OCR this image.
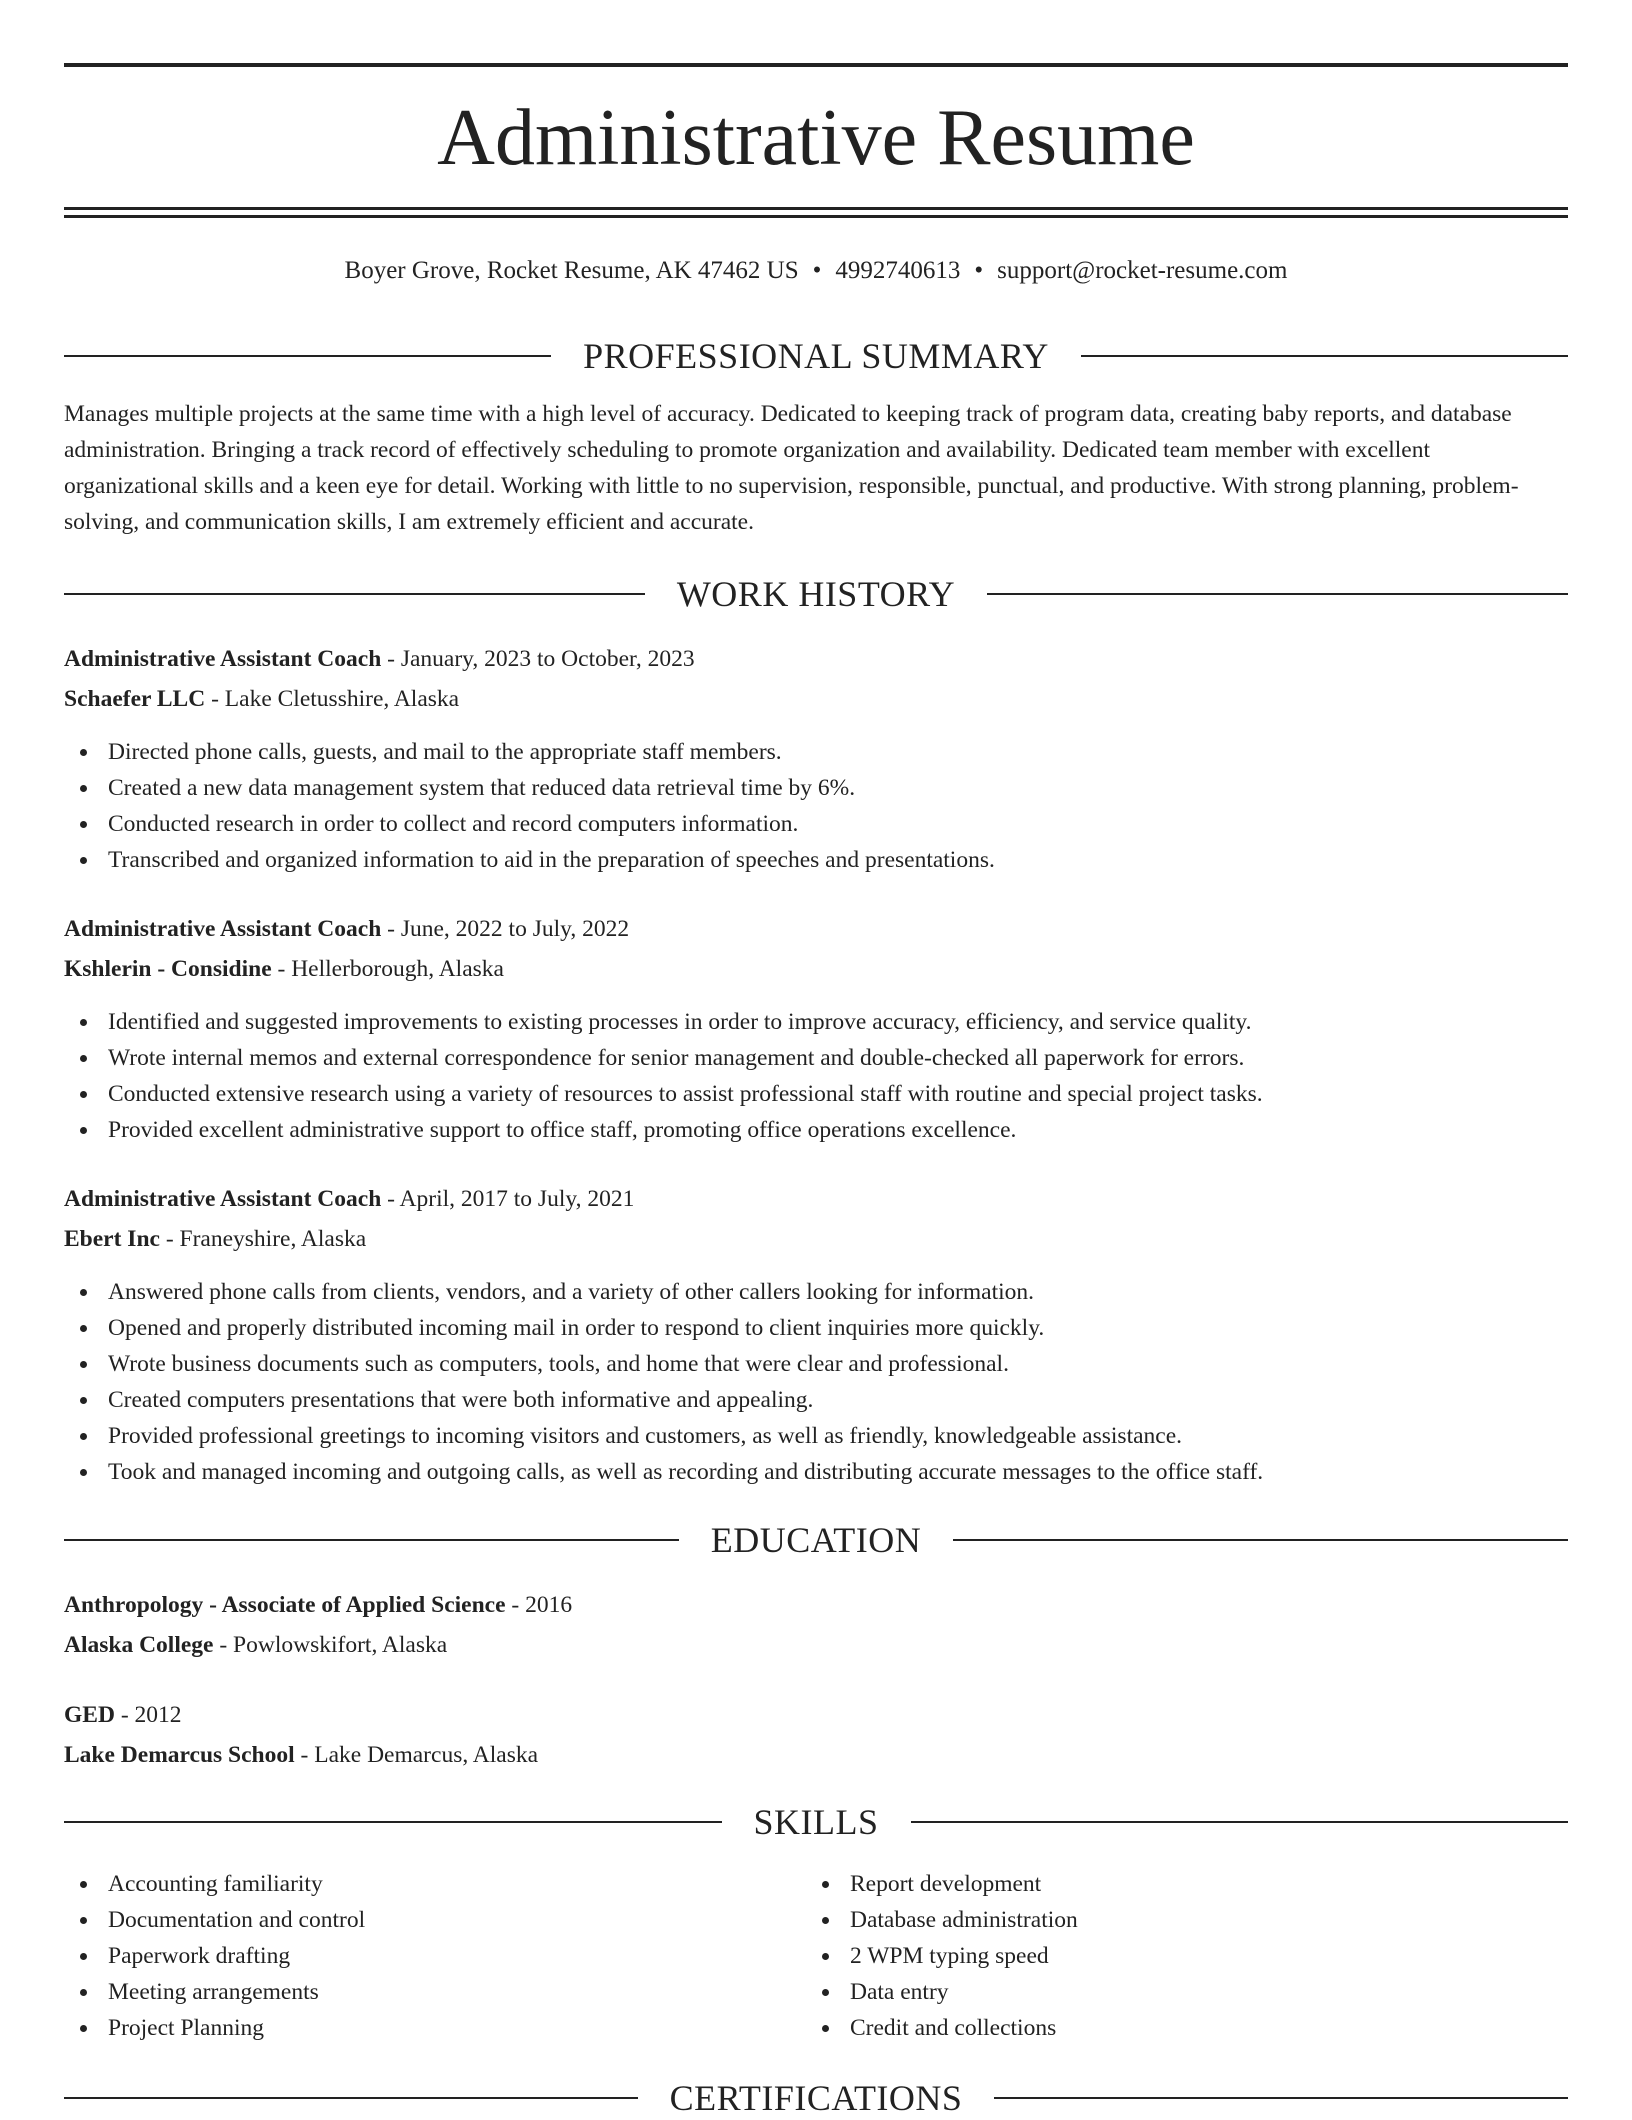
Administrative Resume
Boyer Grove, Rocket Resume, AK 47462 US • 4992740613 • support@rocket-resume.com
PROFESSIONAL SUMMARY
Manages multiple projects at the same time with a high level of accuracy. Dedicated to keeping track of program data, creating baby reports, and database administration. Bringing a track record of effectively scheduling to promote organization and availability. Dedicated team member with excellent organizational skills and a keen eye for detail. Working with little to no supervision, responsible, punctual, and productive. With strong planning, problem-solving, and communication skills, I am extremely efficient and accurate.
WORK HISTORY
Administrative Assistant Coach - January, 2023 to October, 2023
Schaefer LLC - Lake Cletusshire, Alaska
Directed phone calls, guests, and mail to the appropriate staff members.
Created a new data management system that reduced data retrieval time by 6%.
Conducted research in order to collect and record computers information.
Transcribed and organized information to aid in the preparation of speeches and presentations.
Administrative Assistant Coach - June, 2022 to July, 2022
Kshlerin - Considine - Hellerborough, Alaska
Identified and suggested improvements to existing processes in order to improve accuracy, efficiency, and service quality.
Wrote internal memos and external correspondence for senior management and double-checked all paperwork for errors.
Conducted extensive research using a variety of resources to assist professional staff with routine and special project tasks.
Provided excellent administrative support to office staff, promoting office operations excellence.
Administrative Assistant Coach - April, 2017 to July, 2021
Ebert Inc - Franeyshire, Alaska
Answered phone calls from clients, vendors, and a variety of other callers looking for information.
Opened and properly distributed incoming mail in order to respond to client inquiries more quickly.
Wrote business documents such as computers, tools, and home that were clear and professional.
Created computers presentations that were both informative and appealing.
Provided professional greetings to incoming visitors and customers, as well as friendly, knowledgeable assistance.
Took and managed incoming and outgoing calls, as well as recording and distributing accurate messages to the office staff.
EDUCATION
Anthropology - Associate of Applied Science - 2016
Alaska College - Powlowskifort, Alaska
GED - 2012
Lake Demarcus School - Lake Demarcus, Alaska
SKILLS
Accounting familiarity
Documentation and control
Paperwork drafting
Meeting arrangements
Project Planning
Report development
Database administration
2 WPM typing speed
Data entry
Credit and collections
CERTIFICATIONS
